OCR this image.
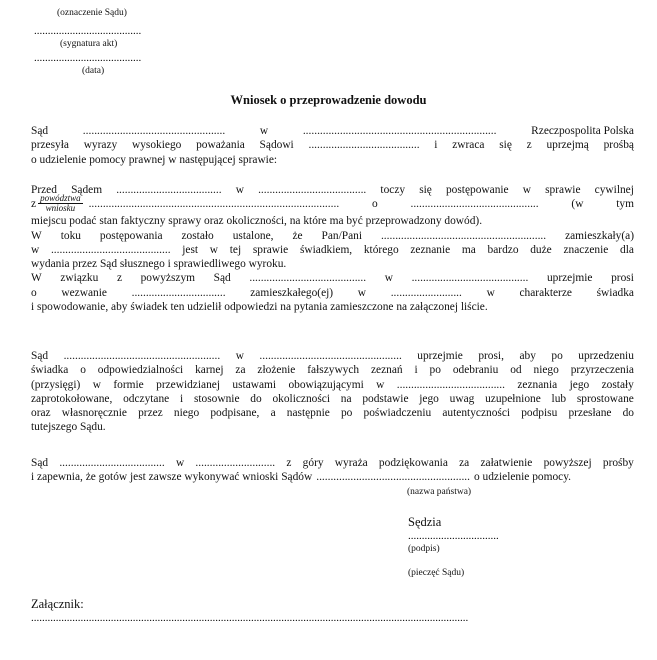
(oznaczenie Sądu)
.......................................
(sygnatura akt)
.......................................
(data)
Wniosek o przeprowadzenie dowodu
Sąd	..................................................	w	....................................................................	Rzeczpospolita Polska
przesyła wyrazy wysokiego poważania Sądowi ....................................... i zwraca się z uprzejmą prośbą
o udzielenie pomocy prawnej w następującej sprawie:
Przed Sądem ..................................... w ...................................... toczy się postępowanie w sprawie cywilnej
z $\frac{\text{powództwa}}{\text{wniosku}}$ ........................................................................................	o	.............................................	(w	tym
miejscu podać stan faktyczny sprawy oraz okoliczności, na które ma być przeprowadzony dowód).
W toku postępowania zostało ustalone, że Pan/Pani .......................................................... zamieszkały(a)
w .......................................... jest w tej sprawie świadkiem, którego zeznanie ma bardzo duże znaczenie dla
wydania przez Sąd słusznego i sprawiedliwego wyroku.
W związku z powyższym Sąd ......................................... w ......................................... uprzejmie prosi
o wezwanie ................................. zamieszkałego(ej) w ......................... w charakterze świadka
i spowodowanie, aby świadek ten udzielił odpowiedzi na pytania zamieszczone na załączonej liście.
Sąd ....................................................... w .................................................. uprzejmie prosi, aby po uprzedzeniu
świadka o odpowiedzialności karnej za złożenie fałszywych zeznań i po odebraniu od niego przyrzeczenia
(przysięgi) w formie przewidzianej ustawami obowiązującymi w ...................................... zeznania jego zostały
zaprotokołowane, odczytane i stosownie do okoliczności na podstawie jego uwag uzupełnione lub sprostowane
oraz własnoręcznie przez niego podpisane, a następnie po poświadczeniu autentyczności podpisu przesłane do
tutejszego Sądu.
Sąd ..................................... w ............................ z góry wyraża podziękowania za załatwienie powyższej prośby
i zapewnia, że gotów jest zawsze wykonywać wnioski Sądów ...................................................... o udzielenie pomocy.
(nazwa państwa)
Sędzia
.................................
(podpis)
(pieczęć Sądu)
Załącznik:
...............................................................................................................................................................
